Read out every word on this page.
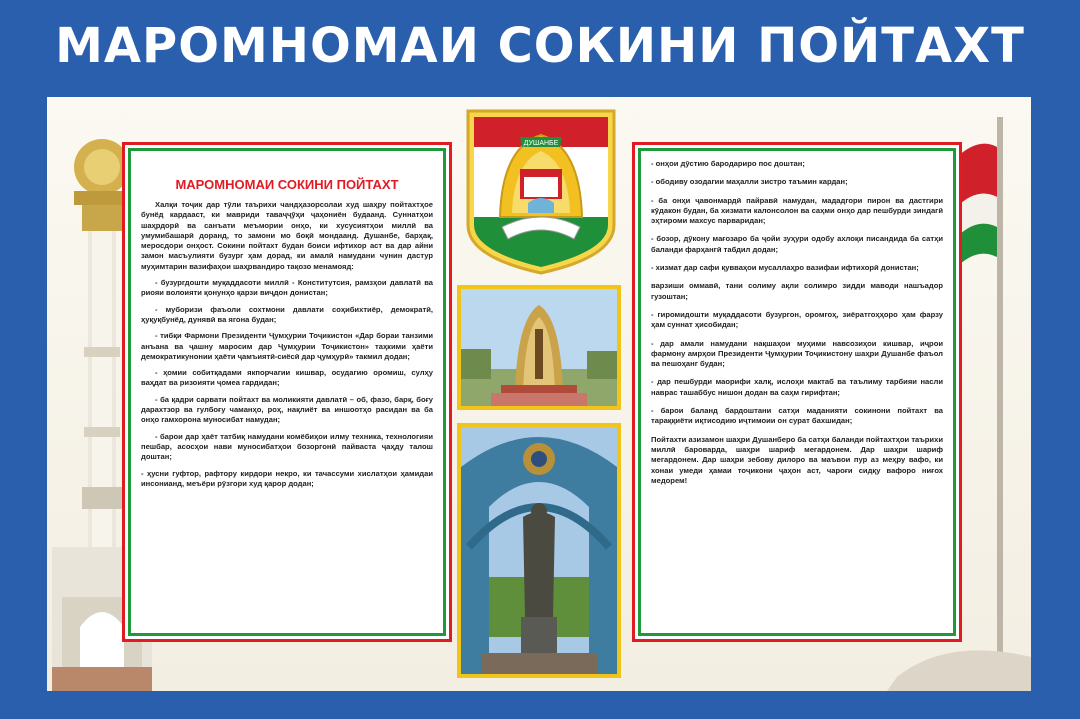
МАРОМНОМАИ СОКИНИ ПОЙТАХТ
МАРОМНОМАИ СОКИНИ ПОЙТАХТ

Халқи тоҷик дар тӯли таърихи чандҳазорсолаи худ шаҳру пойтахтҳое бунёд кардааст, ки мавриди таваҷҷӯҳи ҷаҳониён будаанд. Суннатҳои шаҳрдорӣ ва санъати меъмории онҳо, ки хусусиятҳои миллӣ ва умумибашарӣ доранд, то замони мо боқӣ мондаанд. Душанбе, барҳақ, меросдори онҳост. Сокини пойтахт будан боиси ифтихор аст ва дар айни замон масъулияти бузург ҳам дорад, ки амалӣ намудани чунин дастур муҳимтарин вазифаҳои шаҳрвандиро тақозо менамояд:

- бузургдошти муқаддасоти миллӣ - Конститутсия, рамзҳои давлатӣ ва риояи волоияти қонунҳо қарзи виҷдон донистан;

- муборизи фаъоли сохтмони давлати соҳибихтиёр, демократӣ, ҳуқуқбунёд, дунявӣ ва ягона будан;

- тибқи Фармони Президенти Ҷумҳурии Тоҷикистон «Дар бораи танзими анъана ва ҷашну маросим дар Ҷумҳурии Тоҷикистон» таҳкими ҳаёти демократикунонии ҳаёти ҷамъиятӣ-сиёсӣ дар ҷумҳурӣ» такмил додан;

- ҳомии собитқадами якпорчагии кишвар, осудагию оромиш, сулҳу ваҳдат ва ризоияти ҷомеа гардидан;

- ба қадри сарвати пойтахт ва моликияти давлатӣ – об, фазо, барқ, боғу дарахтзор ва гулбоғу чаманҳо, роҳ, нақлиёт ва иншоотҳо расидан ва ба онҳо гамхорона муносибат намудан;

- барои дар ҳаёт татбиқ намудани комёбиҳои илму техника, технологияи пешбар, асосҳои нави муносибатҳои бозоргонӣ пайваста ҷаҳду талош доштан;

- ҳусни гуфтор, рафтору кирдори некро, ки тачассуми хислатҳои ҳамидаи инсонианд, меъёри рӯзгори худ қарор додан;

ДУШАНБЕ

- онҳои дӯстию бародариро пос доштан;

- ободиву озодагии маҳалли зистро таъмин кардан;

- ба онҳи ҷавонмардӣ пайравӣ намудан, мададгори пирон ва дастгири кӯдакон будан, ба хизмати калонсолон ва саҳми онҳо дар пешбурди зиндагӣ эҳтироми махсус парваридан;

- бозор, дӯкону мағозаро ба ҷойи зуҳури одобу ахлоқи писандида ба сатҳи баланди фарҳангӣ табдил додан;

- хизмат дар сафи қувваҳои мусаллаҳро вазифаи ифтихорӣ донистан;

варзиши оммавӣ, тани солиму ақли солимро зидди маводи нашъадор гузоштан;

- гиромидошти муқаддасоти бузургон, оромгоҳ, зиёратгоҳҳоро ҳам фарзу ҳам суннат ҳисобидан;

- дар амали намудани нақшаҳои муҳими навсозиҳои кишвар, иҷрои фармону амрҳои Президенти Ҷумҳурии Тоҷикистону шаҳри Душанбе фаъол ва пешоҳанг будан;

- дар пешбурди маорифи халқ, ислоҳи мактаб ва таълиму тарбияи насли наврас ташаббус нишон додан ва саҳм гирифтан;

- барои баланд бардоштани сатҳи маданияти сокинони пойтахт ва тараққиёти иқтисодию иҷтимоии он сурат бахшидан;

Пойтахти азизамон шаҳри Душанберо ба сатҳи баланди пойтахтҳои таърихи миллӣ бароварда, шаҳри шариф мегардонем. Дар шаҳри шариф мегардонем. Дар шаҳри зебову дилоро ва маъвои пур аз меҳру вафо, ки хонаи умеди ҳамаи тоҷикони ҷаҳон аст, чароғи сидқу вафоро ниғох медорем!
